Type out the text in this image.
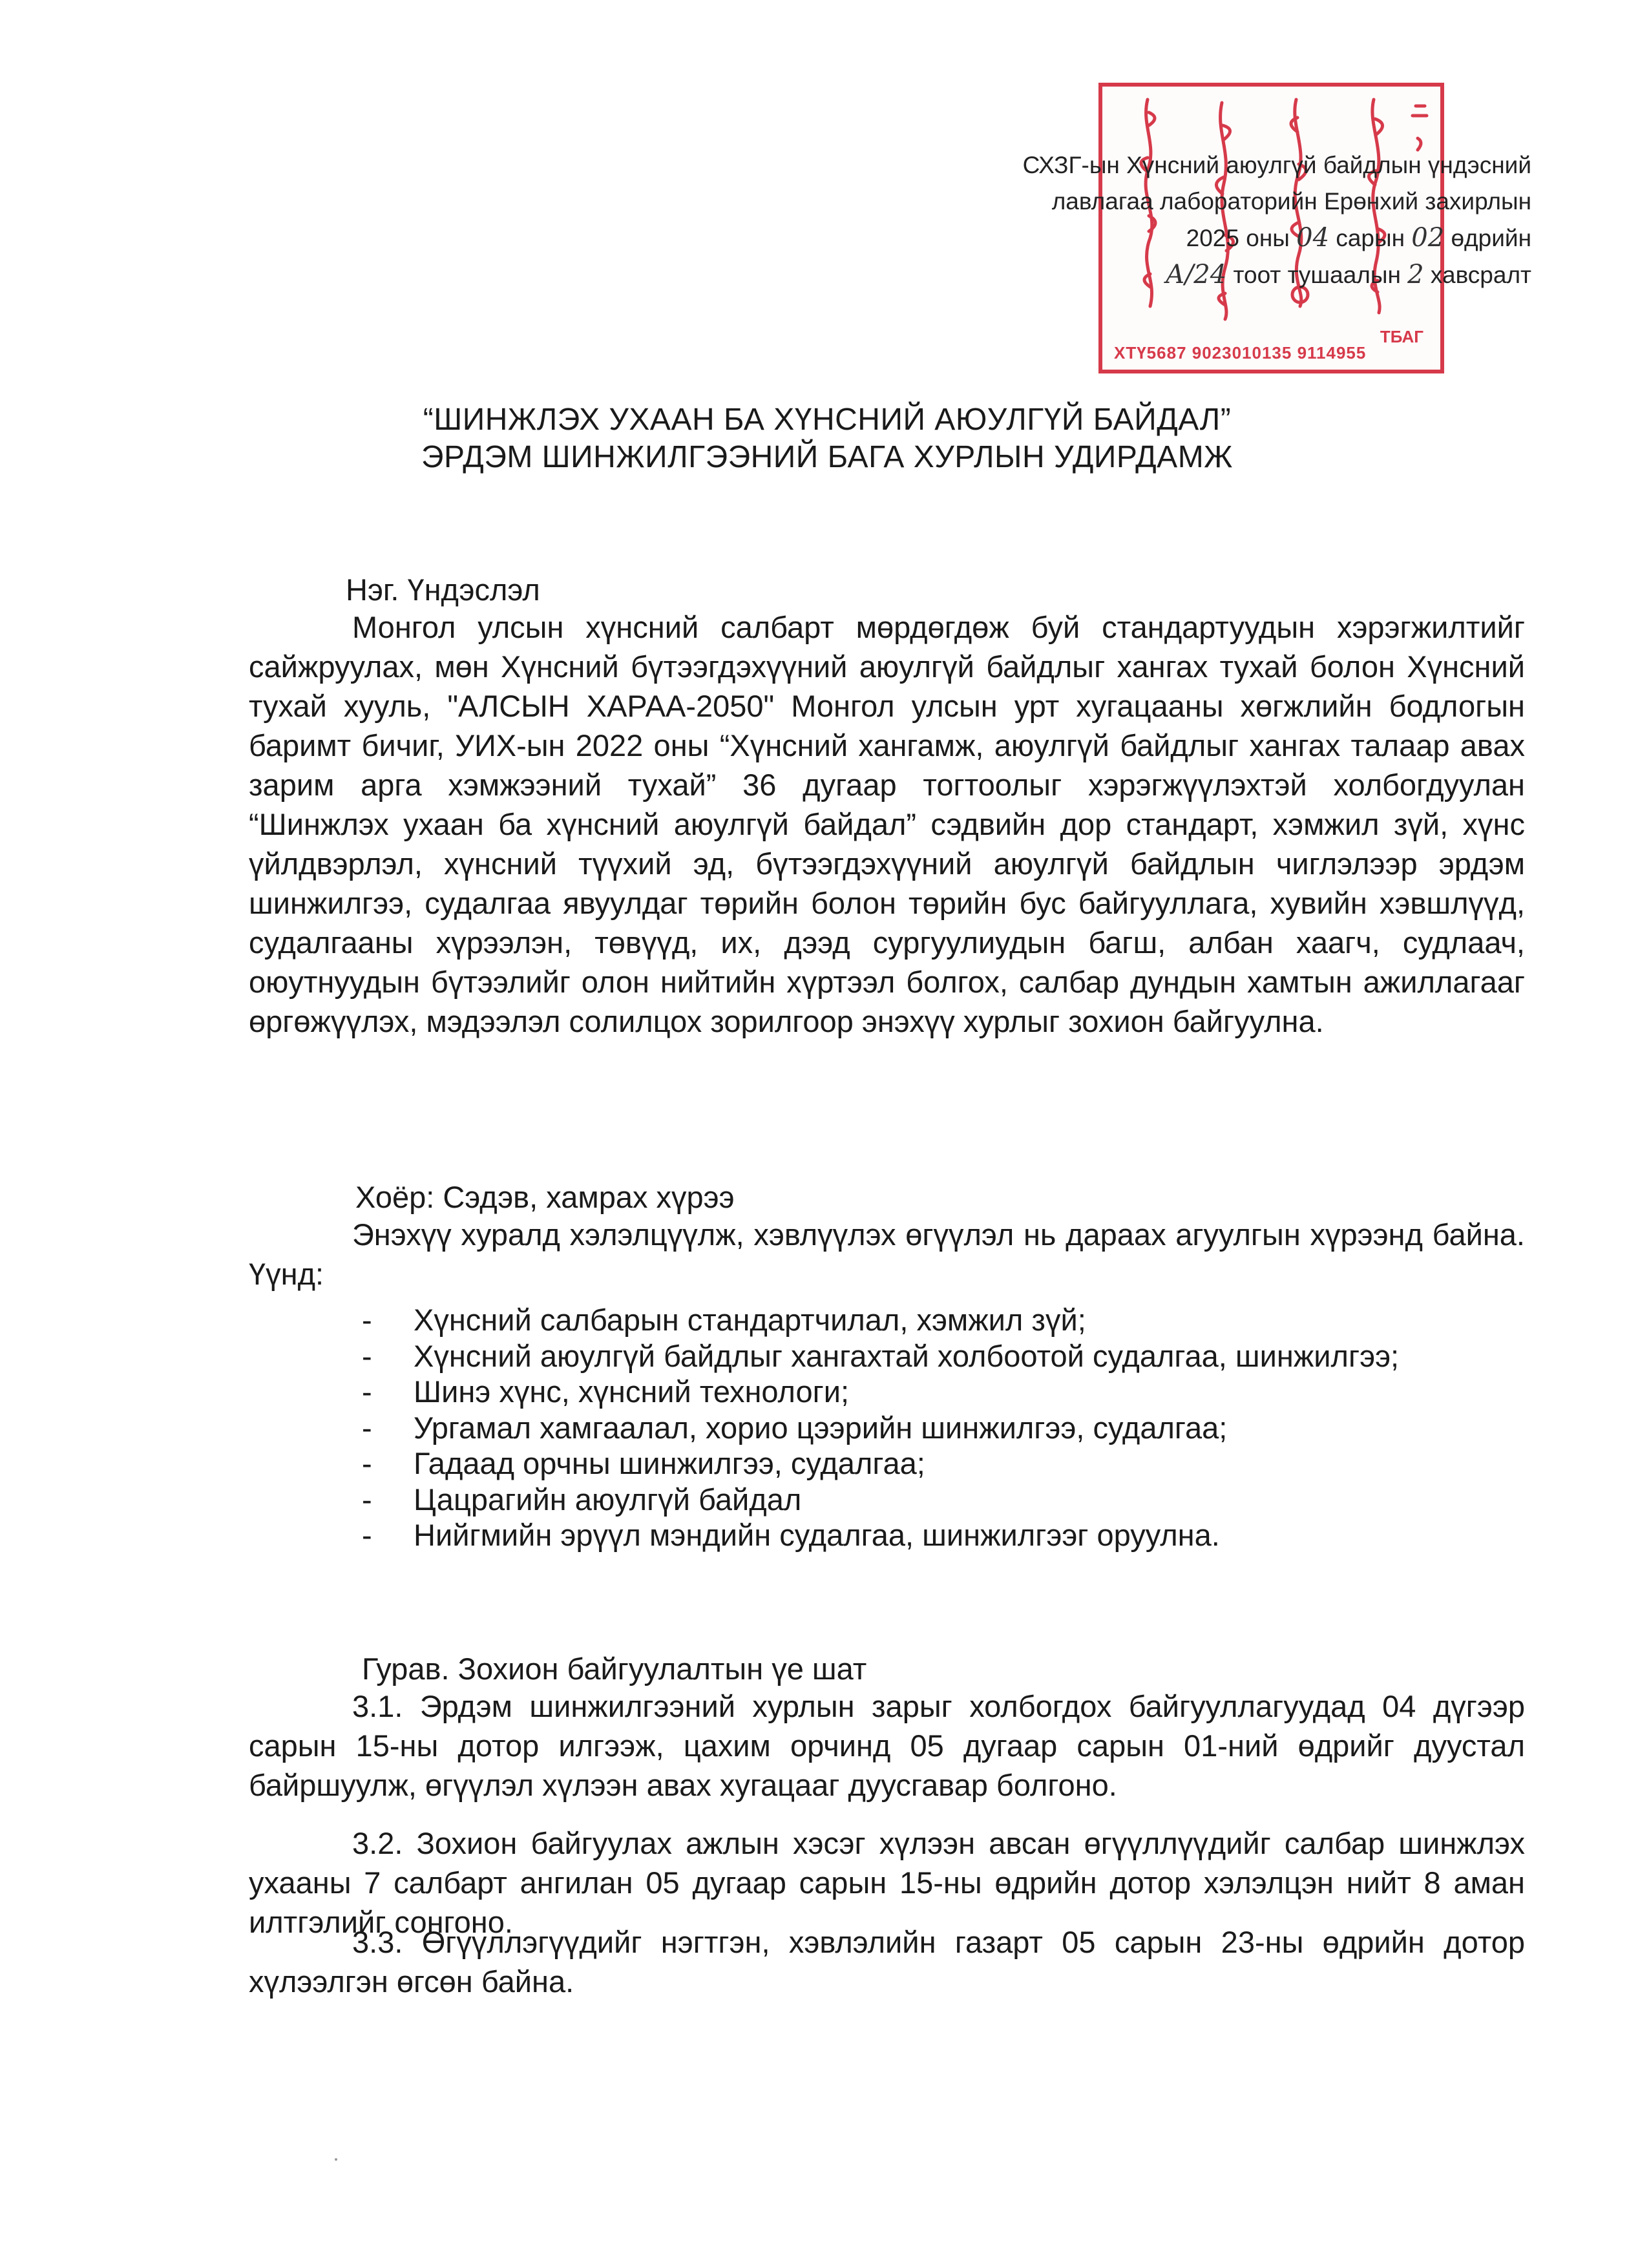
ТБАГ
ХТҮ5687 9023010135 9114955
СХЗГ-ын Хүнсний аюулгүй байдлын үндэсний
лавлагаа лабораторийн Ерөнхий захирлын
2025 оны 04 сарын 02 өдрийн
А/24 тоот тушаалын 2 хавсралт
“ШИНЖЛЭХ УХААН БА ХҮНСНИЙ АЮУЛГҮЙ БАЙДАЛ”
ЭРДЭМ ШИНЖИЛГЭЭНИЙ БАГА ХУРЛЫН УДИРДАМЖ
Нэг. Үндэслэл
Монгол улсын хүнсний салбарт мөрдөгдөж буй стандартуудын хэрэгжилтийг сайжруулах, мөн Хүнсний бүтээгдэхүүний аюулгүй байдлыг хангах тухай болон Хүнсний тухай хууль, "АЛСЫН ХАРАА-2050" Монгол улсын урт хугацааны хөгжлийн бодлогын баримт бичиг, УИХ-ын 2022 оны “Хүнсний хангамж, аюулгүй байдлыг хангах талаар авах зарим арга хэмжээний тухай” 36 дугаар тогтоолыг хэрэгжүүлэхтэй холбогдуулан “Шинжлэх ухаан ба хүнсний аюулгүй байдал” сэдвийн дор стандарт, хэмжил зүй, хүнс үйлдвэрлэл, хүнсний түүхий эд, бүтээгдэхүүний аюулгүй байдлын чиглэлээр эрдэм шинжилгээ, судалгаа явуулдаг төрийн болон төрийн бус байгууллага, хувийн хэвшлүүд, судалгааны хүрээлэн, төвүүд, их, дээд сургуулиудын багш, албан хаагч, судлаач, оюутнуудын бүтээлийг олон нийтийн хүртээл болгох, салбар дундын хамтын ажиллагааг өргөжүүлэх, мэдээлэл солилцох зорилгоор энэхүү хурлыг зохион байгуулна.
Хоёр: Сэдэв, хамрах хүрээ
Энэхүү хуралд хэлэлцүүлж, хэвлүүлэх өгүүлэл нь дараах агуулгын хүрээнд байна. Үүнд:
- Хүнсний салбарын стандартчилал, хэмжил зүй;
- Хүнсний аюулгүй байдлыг хангахтай холбоотой судалгаа, шинжилгээ;
- Шинэ хүнс, хүнсний технологи;
- Ургамал хамгаалал, хорио цээрийн шинжилгээ, судалгаа;
- Гадаад орчны шинжилгээ, судалгаа;
- Цацрагийн аюулгүй байдал
- Нийгмийн эрүүл мэндийн судалгаа, шинжилгээг оруулна.
Гурав. Зохион байгуулалтын үе шат
3.1. Эрдэм шинжилгээний хурлын зарыг холбогдох байгууллагуудад 04 дүгээр сарын 15-ны дотор илгээж, цахим орчинд 05 дугаар сарын 01-ний өдрийг дуустал байршуулж, өгүүлэл хүлээн авах хугацааг дуусгавар болгоно.
3.2. Зохион байгуулах ажлын хэсэг хүлээн авсан өгүүллүүдийг салбар шинжлэх ухааны 7 салбарт ангилан 05 дугаар сарын 15-ны өдрийн дотор хэлэлцэн нийт 8 аман илтгэлийг сонгоно.
3.3. Өгүүллэгүүдийг нэгтгэн, хэвлэлийн газарт 05 сарын 23-ны өдрийн дотор хүлээлгэн өгсөн байна.
